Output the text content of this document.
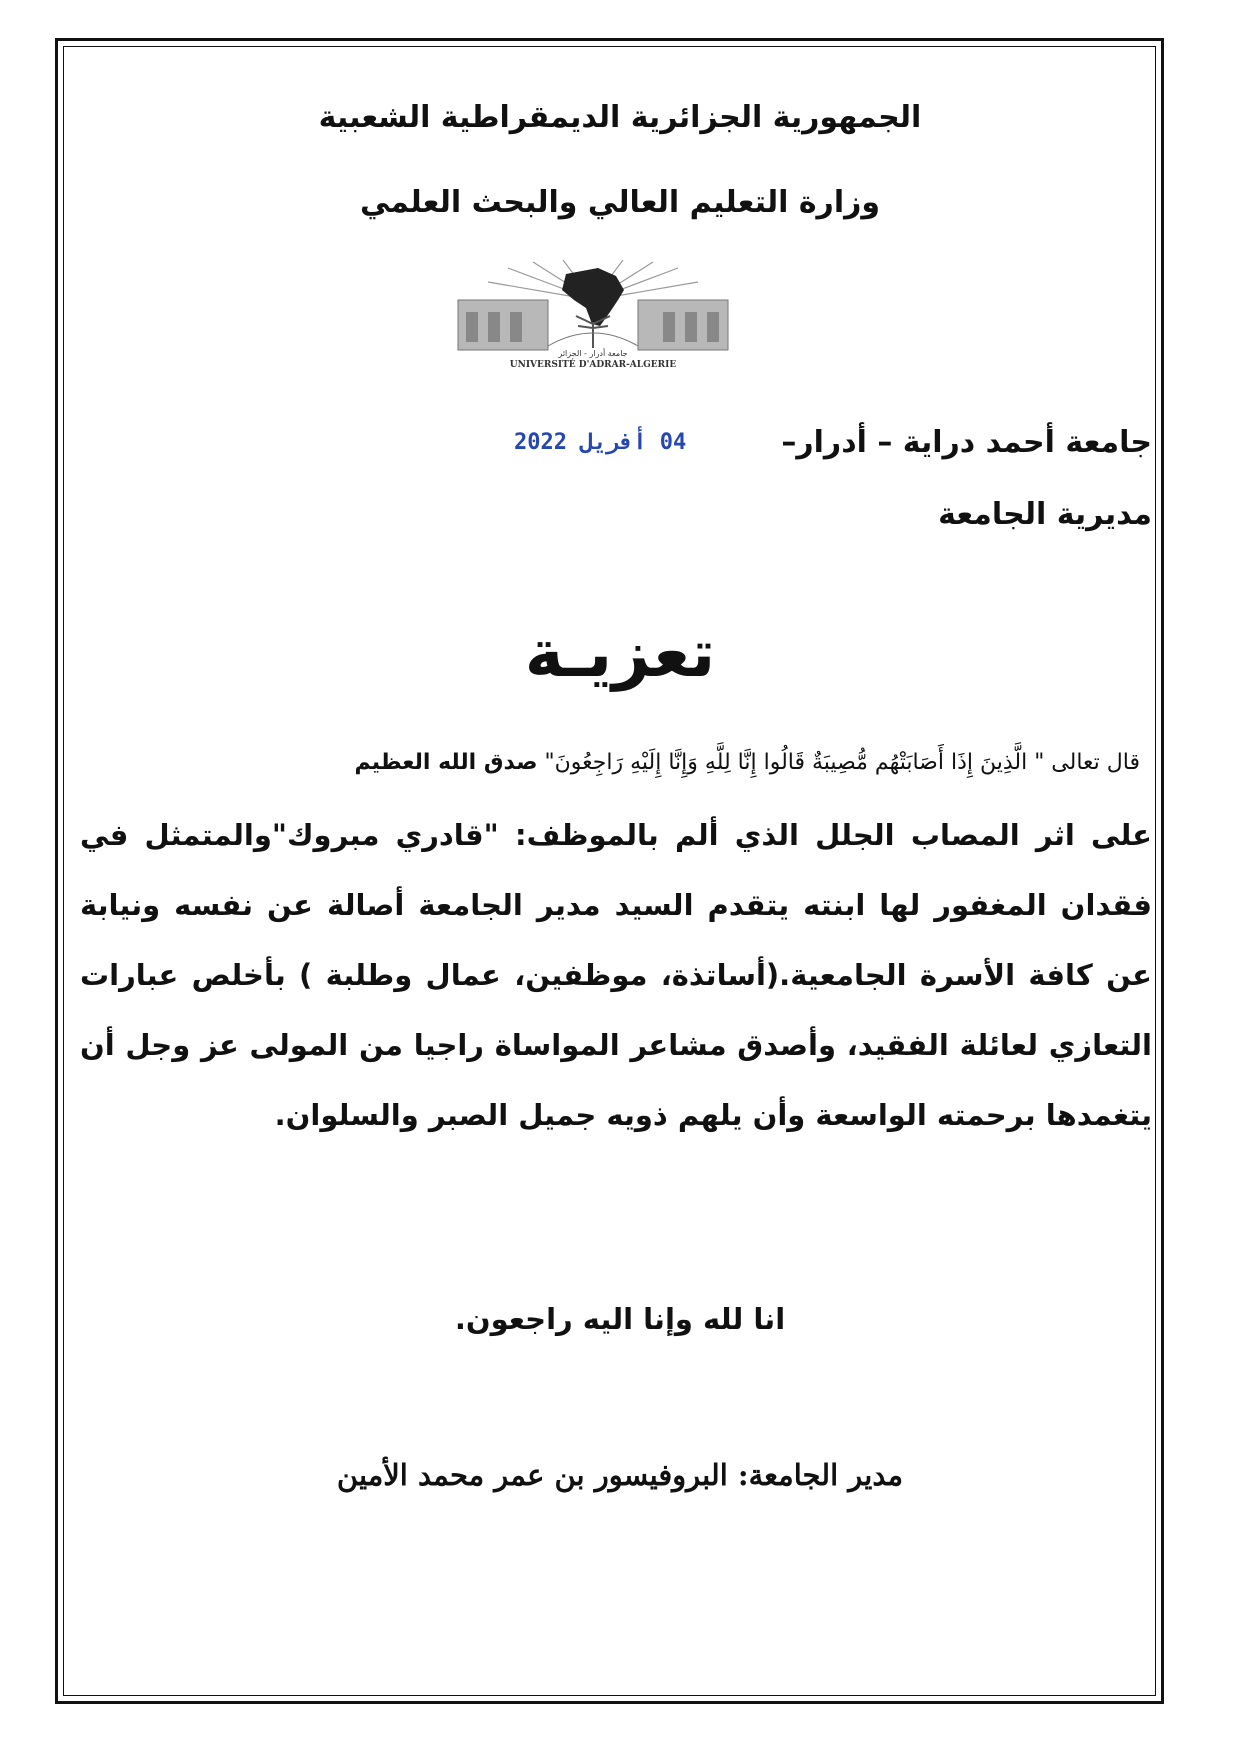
الجمهورية الجزائرية الديمقراطية الشعبية
وزارة التعليم العالي والبحث العلمي
جامعة أدرار - الجزائر
UNIVERSITÉ D'ADRAR-ALGERIE
جامعة أحمد دراية – أدرار–
04 أفريل 2022
مديرية الجامعة
تعزيـة
قال تعالى " الَّذِينَ إِذَا أَصَابَتْهُم مُّصِيبَةٌ قَالُوا إِنَّا لِلَّهِ وَإِنَّا إِلَيْهِ رَاجِعُونَ" صدق الله العظيم
على اثر المصاب الجلل الذي ألم بالموظف: "قادري مبروك"والمتمثل في فقدان المغفور لها ابنته يتقدم السيد مدير الجامعة أصالة عن نفسه ونيابة عن كافة الأسرة الجامعية.(أساتذة، موظفين، عمال وطلبة ) بأخلص عبارات التعازي لعائلة الفقيد، وأصدق مشاعر المواساة راجيا من المولى عز وجل أن يتغمدها برحمته الواسعة وأن يلهم ذويه جميل الصبر والسلوان.
انا لله وإنا اليه راجعون.
مدير الجامعة: البروفيسور بن عمر محمد الأمين
